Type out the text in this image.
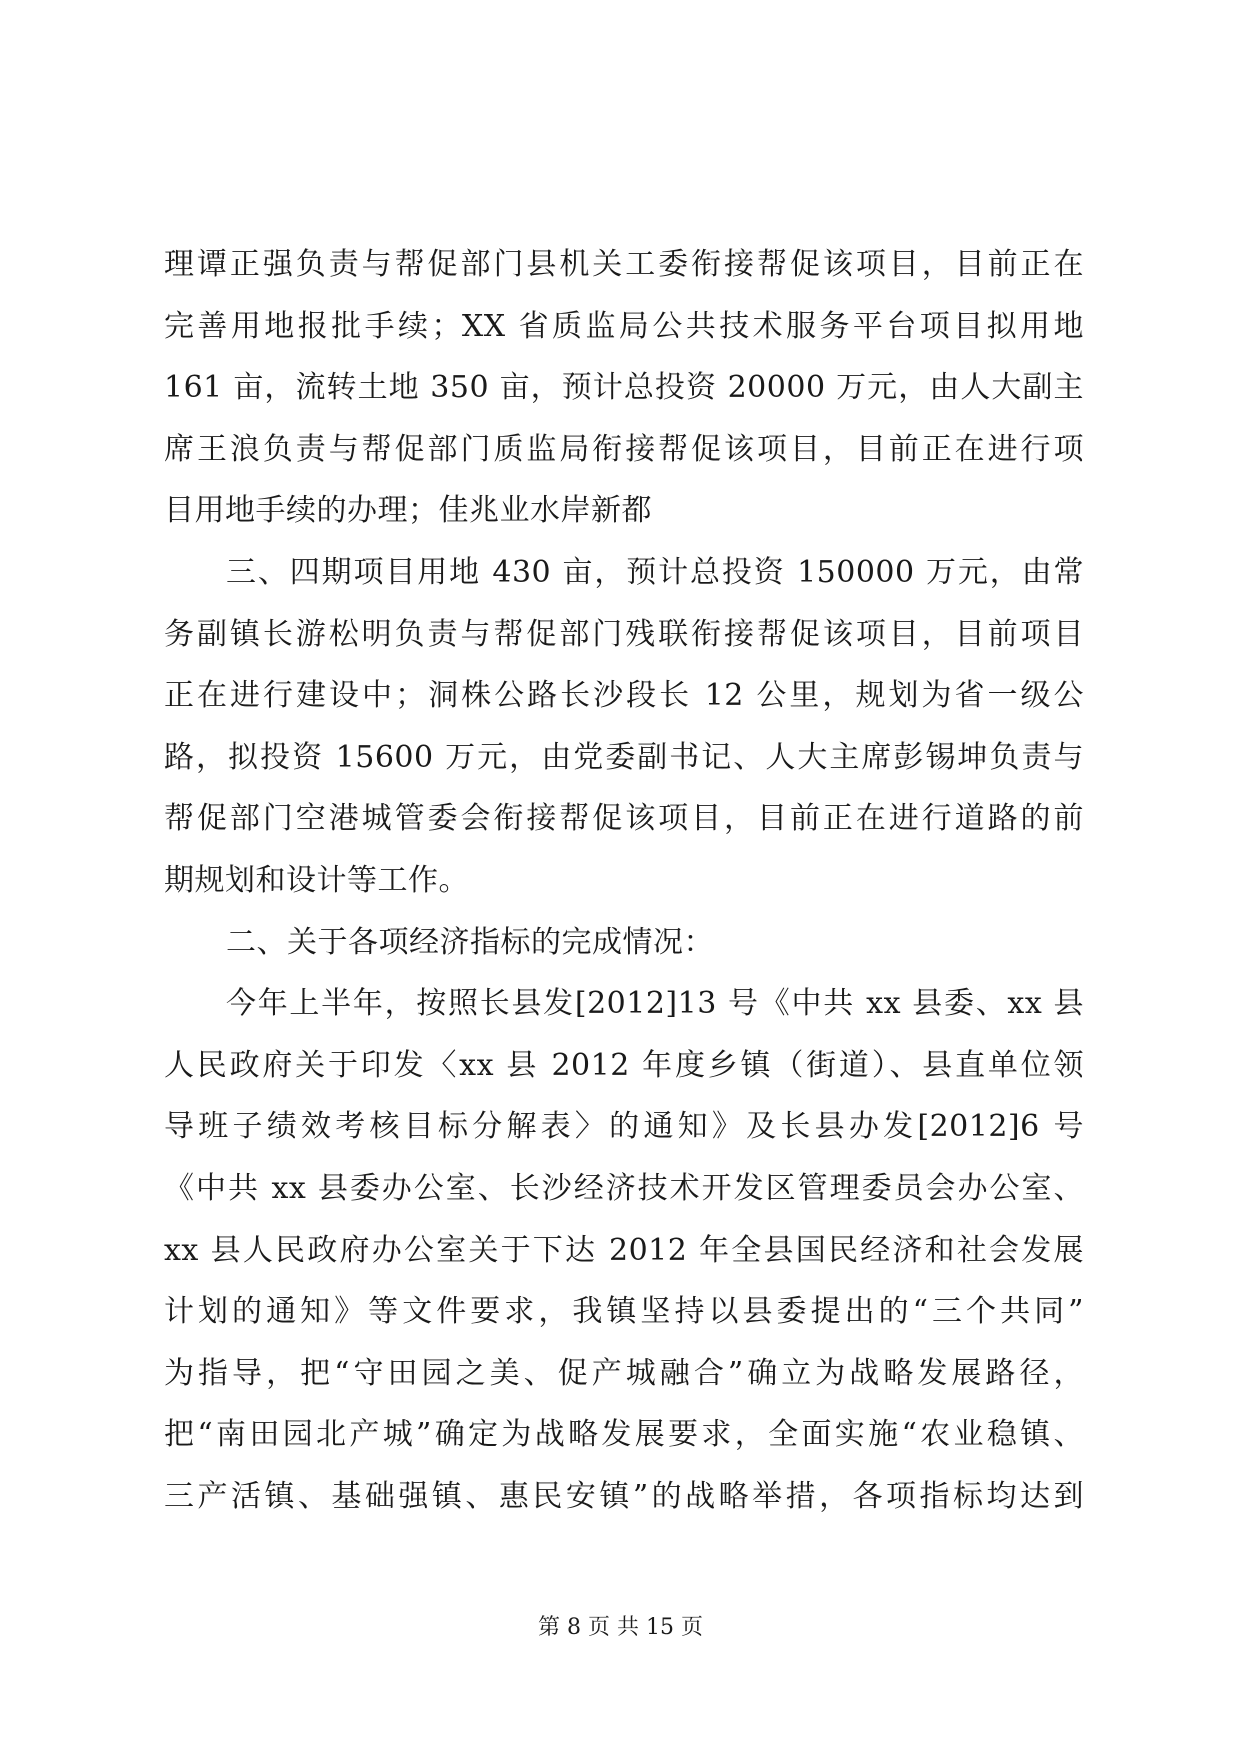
理谭正强负责与帮促部门县机关工委衔接帮促该项目，目前正在
完善用地报批手续；XX 省质监局公共技术服务平台项目拟用地
161 亩，流转土地 350 亩，预计总投资 20000 万元，由人大副主
席王浪负责与帮促部门质监局衔接帮促该项目，目前正在进行项
目用地手续的办理；佳兆业水岸新都
三、四期项目用地 430 亩，预计总投资 150000 万元，由常
务副镇长游松明负责与帮促部门残联衔接帮促该项目，目前项目
正在进行建设中；洞株公路长沙段长 12 公里，规划为省一级公
路，拟投资 15600 万元，由党委副书记、人大主席彭锡坤负责与
帮促部门空港城管委会衔接帮促该项目，目前正在进行道路的前
期规划和设计等工作。
二、关于各项经济指标的完成情况：
今年上半年，按照长县发[2012]13 号《中共 xx 县委、xx 县
人民政府关于印发〈xx 县 2012 年度乡镇（街道）、县直单位领
导班子绩效考核目标分解表〉的通知》及长县办发[2012]6 号
《中共 xx 县委办公室、长沙经济技术开发区管理委员会办公室、
xx 县人民政府办公室关于下达 2012 年全县国民经济和社会发展
计划的通知》等文件要求，我镇坚持以县委提出的“三个共同”
为指导，把“守田园之美、促产城融合”确立为战略发展路径，
把“南田园北产城”确定为战略发展要求，全面实施“农业稳镇、
三产活镇、基础强镇、惠民安镇”的战略举措，各项指标均达到
第 8 页 共 15 页
